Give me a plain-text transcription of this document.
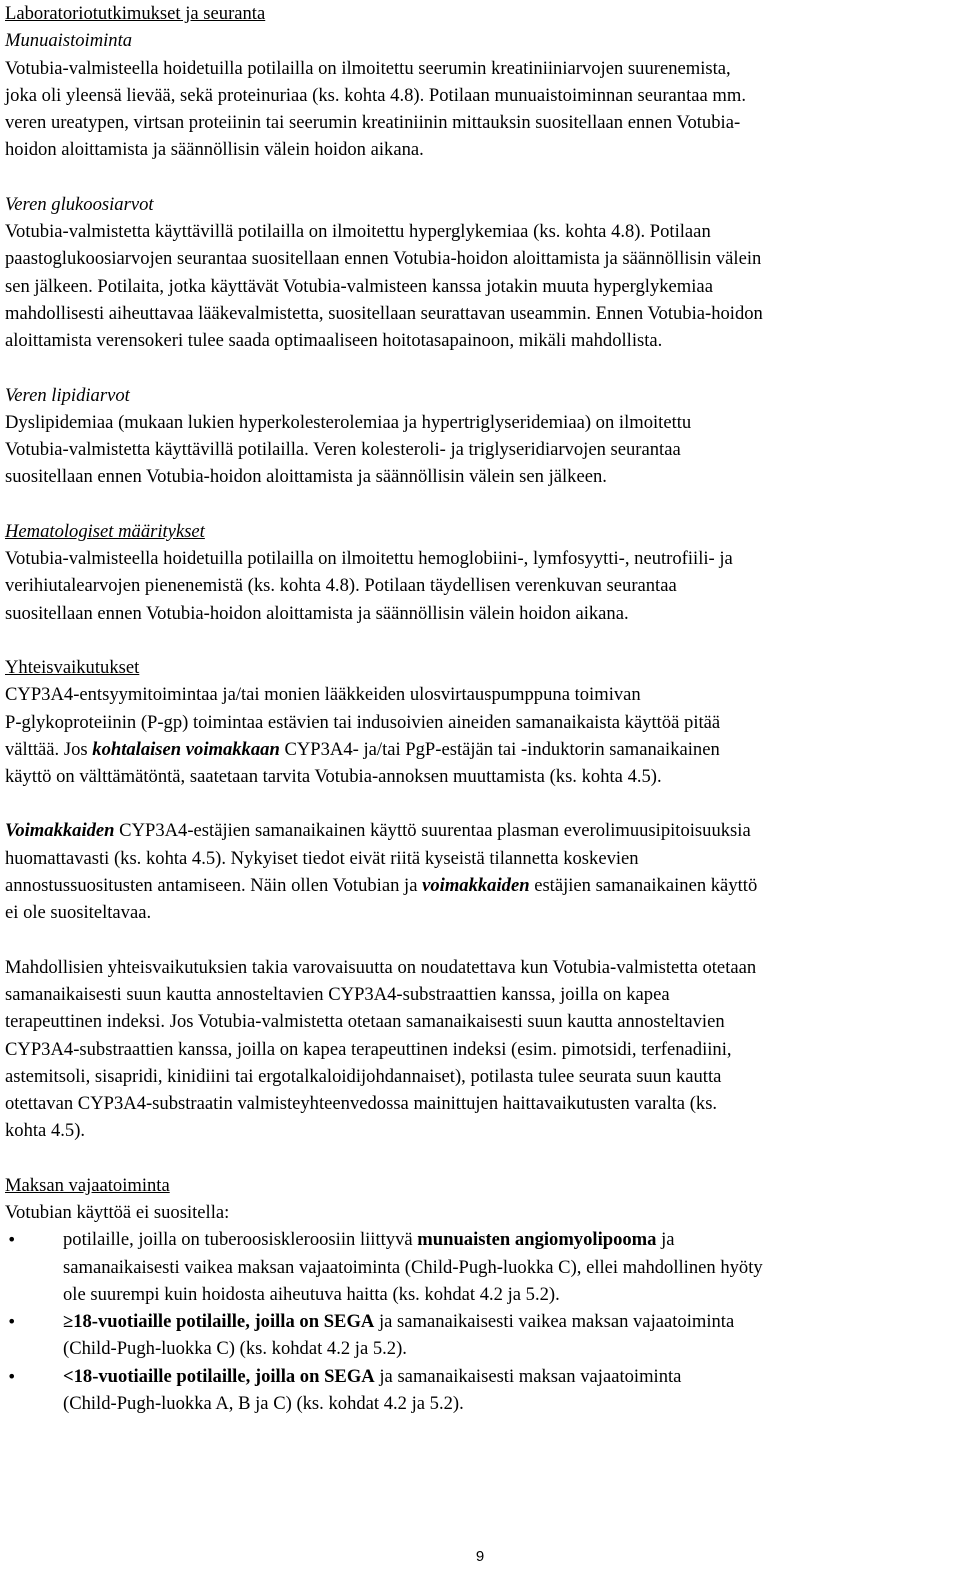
Laboratoriotutkimukset ja seuranta

Munuaistoiminta

Votubia-valmisteella hoidetuilla potilailla on ilmoitettu seerumin kreatiniiniarvojen suurenemista,

joka oli yleensä lievää, sekä proteinuriaa (ks. kohta 4.8). Potilaan munuaistoiminnan seurantaa mm.

veren ureatypen, virtsan proteiinin tai seerumin kreatiniinin mittauksin suositellaan ennen Votubia-

hoidon aloittamista ja säännöllisin välein hoidon aikana.

Veren glukoosiarvot

Votubia-valmistetta käyttävillä potilailla on ilmoitettu hyperglykemiaa (ks. kohta 4.8). Potilaan

paastoglukoosiarvojen seurantaa suositellaan ennen Votubia-hoidon aloittamista ja säännöllisin välein

sen jälkeen. Potilaita, jotka käyttävät Votubia-valmisteen kanssa jotakin muuta hyperglykemiaa

mahdollisesti aiheuttavaa lääkevalmistetta, suositellaan seurattavan useammin. Ennen Votubia-hoidon

aloittamista verensokeri tulee saada optimaaliseen hoitotasapainoon, mikäli mahdollista.

Veren lipidiarvot

Dyslipidemiaa (mukaan lukien hyperkolesterolemiaa ja hypertriglyseridemiaa) on ilmoitettu

Votubia-valmistetta käyttävillä potilailla. Veren kolesteroli- ja triglyseridiarvojen seurantaa

suositellaan ennen Votubia-hoidon aloittamista ja säännöllisin välein sen jälkeen.

Hematologiset määritykset

Votubia-valmisteella hoidetuilla potilailla on ilmoitettu hemoglobiini-, lymfosyytti-, neutrofiili- ja

verihiutalearvojen pienenemistä (ks. kohta 4.8). Potilaan täydellisen verenkuvan seurantaa

suositellaan ennen Votubia-hoidon aloittamista ja säännöllisin välein hoidon aikana.

Yhteisvaikutukset

CYP3A4-entsyymitoimintaa ja/tai monien lääkkeiden ulosvirtauspumppuna toimivan

P-glykoproteiinin (P-gp) toimintaa estävien tai indusoivien aineiden samanaikaista käyttöä pitää

välttää. Jos kohtalaisen voimakkaan CYP3A4- ja/tai PgP-estäjän tai -induktorin samanaikainen

käyttö on välttämätöntä, saatetaan tarvita Votubia-annoksen muuttamista (ks. kohta 4.5).

Voimakkaiden CYP3A4-estäjien samanaikainen käyttö suurentaa plasman everolimuusipitoisuuksia

huomattavasti (ks. kohta 4.5). Nykyiset tiedot eivät riitä kyseistä tilannetta koskevien

annostussuositusten antamiseen. Näin ollen Votubian ja voimakkaiden estäjien samanaikainen käyttö

ei ole suositeltavaa.

Mahdollisien yhteisvaikutuksien takia varovaisuutta on noudatettava kun Votubia-valmistetta otetaan

samanaikaisesti suun kautta annosteltavien CYP3A4-substraattien kanssa, joilla on kapea

terapeuttinen indeksi. Jos Votubia-valmistetta otetaan samanaikaisesti suun kautta annosteltavien

CYP3A4-substraattien kanssa, joilla on kapea terapeuttinen indeksi (esim. pimotsidi, terfenadiini,

astemitsoli, sisapridi, kinidiini tai ergotalkaloidijohdannaiset), potilasta tulee seurata suun kautta

otettavan CYP3A4-substraatin valmisteyhteenvedossa mainittujen haittavaikutusten varalta (ks.

kohta 4.5).

Maksan vajaatoiminta

Votubian käyttöä ei suositella:

•	potilaille, joilla on tuberoosiskleroosiin liittyvä munuaisten angiomyolipooma ja

samanaikaisesti vaikea maksan vajaatoiminta (Child-Pugh-luokka C), ellei mahdollinen hyöty

ole suurempi kuin hoidosta aiheutuva haitta (ks. kohdat 4.2 ja 5.2).

•	≥18-vuotiaille potilaille, joilla on SEGA ja samanaikaisesti vaikea maksan vajaatoiminta

(Child-Pugh-luokka C) (ks. kohdat 4.2 ja 5.2).

•	<18-vuotiaille potilaille, joilla on SEGA ja samanaikaisesti maksan vajaatoiminta

(Child-Pugh-luokka A, B ja C) (ks. kohdat 4.2 ja 5.2).

9
